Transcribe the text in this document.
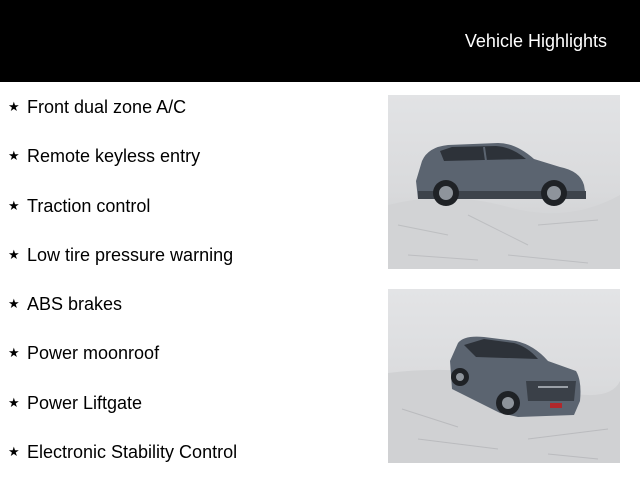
Vehicle Highlights
★ Front dual zone A/C
★ Remote keyless entry
★ Traction control
★ Low tire pressure warning
★ ABS brakes
★ Power moonroof
★ Power Liftgate
★ Electronic Stability Control
